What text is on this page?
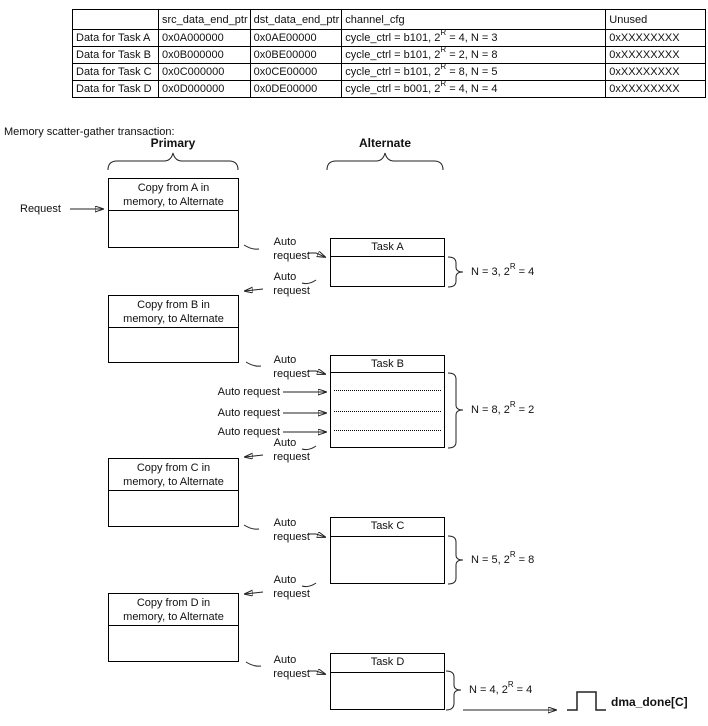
	src_data_end_ptr	dst_data_end_ptr	channel_cfg	Unused
Data for Task A	0x0A000000	0x0AE00000	cycle_ctrl = b101, $2^R = 4$, N = 3	0xXXXXXXXX
Data for Task B	0x0B000000	0x0BE00000	cycle_ctrl = b101, $2^R = 2$, N = 8	0xXXXXXXXX
Data for Task C	0x0C000000	0x0CE00000	cycle_ctrl = b101, $2^R = 8$, N = 5	0xXXXXXXXX
Data for Task D	0x0D000000	0x0DE00000	cycle_ctrl = b001, $2^R = 4$, N = 4	0xXXXXXXXX
Memory scatter-gather transaction:
Primary	Alternate
Request
Copy from A in
memory, to Alternate
Copy from B in
memory, to Alternate
Copy from C in
memory, to Alternate
Copy from D in
memory, to Alternate
Task A
Task B
Task C
Task D
N = 3, $2^R = 4$
N = 8, $2^R = 2$
N = 5, $2^R = 8$
N = 4, $2^R = 4$
Auto
request
Auto
request
Auto
request
Auto
request
Auto
request
Auto
request
Auto
request
Auto request
Auto request
Auto request
dma_done[C]
